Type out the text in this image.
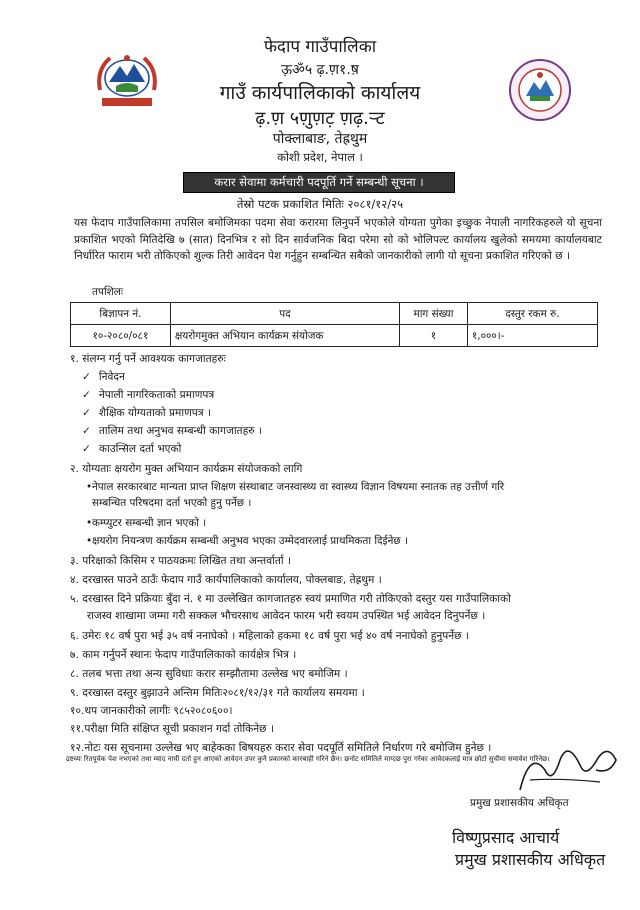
फेदाप गाउँपालिका
ऊ़ॐ५ ढ़.ण़१.ष़
गाउँ कार्यपालिकाको कार्यालय
ढ़.ण़ ५ण़ुण़ट़ ण़ढ़.ऱ्ट
पोक्लाबाङ, तेह्रथुम
कोशी प्रदेश, नेपाल ।
करार सेवामा कर्मचारी पदपूर्ति गर्ने सम्बन्धी सूचना ।
तेस्रो पटक प्रकाशित मितिः २०८१/१२/२५
यस फेदाप गाउँपालिकामा तपसिल बमोजिमका पदमा सेवा करारमा लिनुपर्ने भएकोले योग्यता पुगेका इच्छुक नेपाली नागरिकहरुले यो सूचना प्रकाशित भएको मितिदेखि ७ (सात) दिनभित्र र सो दिन सार्वजनिक बिदा परेमा सो को भोलिपल्ट कार्यालय खुलेको समयमा कार्यालयबाट निर्धारित फाराम भरी तोकिएको शुल्क तिरी आवेदन पेश गर्नुहुन सम्बन्धित सबैको जानकारीको लागी यो सूचना प्रकाशित गरिएको छ ।
तपशिलः
बिज्ञापन नं.	पद	माग संख्या	दस्तुर रकम रु.
१०-२०८०/०८१	क्षयरोगमुक्त अभियान कार्यक्रम संयोजक	१	१,०००।-
१. संलग्न गर्नु पर्ने आवश्यक कागजातहरुः
✓ निवेदन
✓ नेपाली नागरिकताको प्रमाणपत्र
✓ शैक्षिक योग्यताको प्रमाणपत्र ।
✓ तालिम तथा अनुभव सम्बन्धी कागजातहरु ।
✓ काउन्सिल दर्ता भएको
२. योग्यताः क्षयरोग मुक्त अभियान कार्यक्रम संयोजकको लागि
• नेपाल सरकारबाट मान्यता प्राप्त शिक्षण संस्थाबाट जनस्वास्थ्य वा स्वास्थ्य विज्ञान विषयमा स्नातक तह उत्तीर्ण गरि
सम्बन्धित परिषदमा दर्ता भएको हुनु पर्नेछ ।
• कम्प्युटर सम्बन्धी ज्ञान भएको ।
• क्षयरोग नियन्त्रण कार्यक्रम सम्बन्धी अनुभव भएका उम्मेदवारलाई प्राथमिकता दिईनेछ ।
३. परिक्षाको किसिम र पाठयक्रमः लिखित तथा अन्तर्वार्ता ।
४. दरखास्त पाउने ठाउँः फेदाप गाउँ कार्यपालिकाको कार्यालय, पोक्लबाङ, तेह्रथुम ।
५. दरखास्त दिने प्रक्रियाः बुँदा नं. १ मा उल्लेखित कागजातहरु स्वयं प्रमाणित गरी तोकिएको दस्तुर यस गाउँपालिकाको
राजस्व शाखामा जम्मा गरी सक्कल भौचरसाथ आवेदन फारम भरी स्वयम उपस्थित भई आवेदन दिनुपर्नेछ ।
६. उमेरः १८ वर्ष पुरा भई ३५ वर्ष ननाघेको । महिलाको हकमा १८ वर्ष पुरा भई ४० वर्ष ननाघेको हुनुपर्नेछ ।
७. काम गर्नुपर्ने स्थानः फेदाप गाउँपालिकाको कार्यक्षेत्र भित्र ।
८. तलब भत्ता तथा अन्य सुविधाः करार सम्झौतामा उल्लेख भए बमोजिम ।
९. दरखास्त दस्तुर बुझाउने अन्तिम मितिः२०८१/१२/३१ गते कार्यालय समयमा ।
१०.थप जानकारीको लागीः ९८५२०८०६००।
११.परीक्षा मिति संक्षिप्त सूची प्रकाशन गर्दा तोकिनेछ ।
१२.नोटः यस सूचनामा उल्लेख भए बाहेकका बिषयहरु करार सेवा पदपूर्ति समितिले निर्धारण गरे बमोजिम हुनेछ ।
द्रष्टव्यः रितपूर्वक पेश नभएको तथा म्याद नाघी दर्ता हुन आएको आवेदन उपर कुनै प्रकारको कारबाही गरिने छैन। छनोट समितिले माग्दछ पुरा गरेका आवेदकलाई मात्र छोटो सुचीमा समावेश गरिनेछ।
प्रमुख प्रशासकीय अधिकृत
विष्णुप्रसाद आचार्य
प्रमुख प्रशासकीय अधिकृत
